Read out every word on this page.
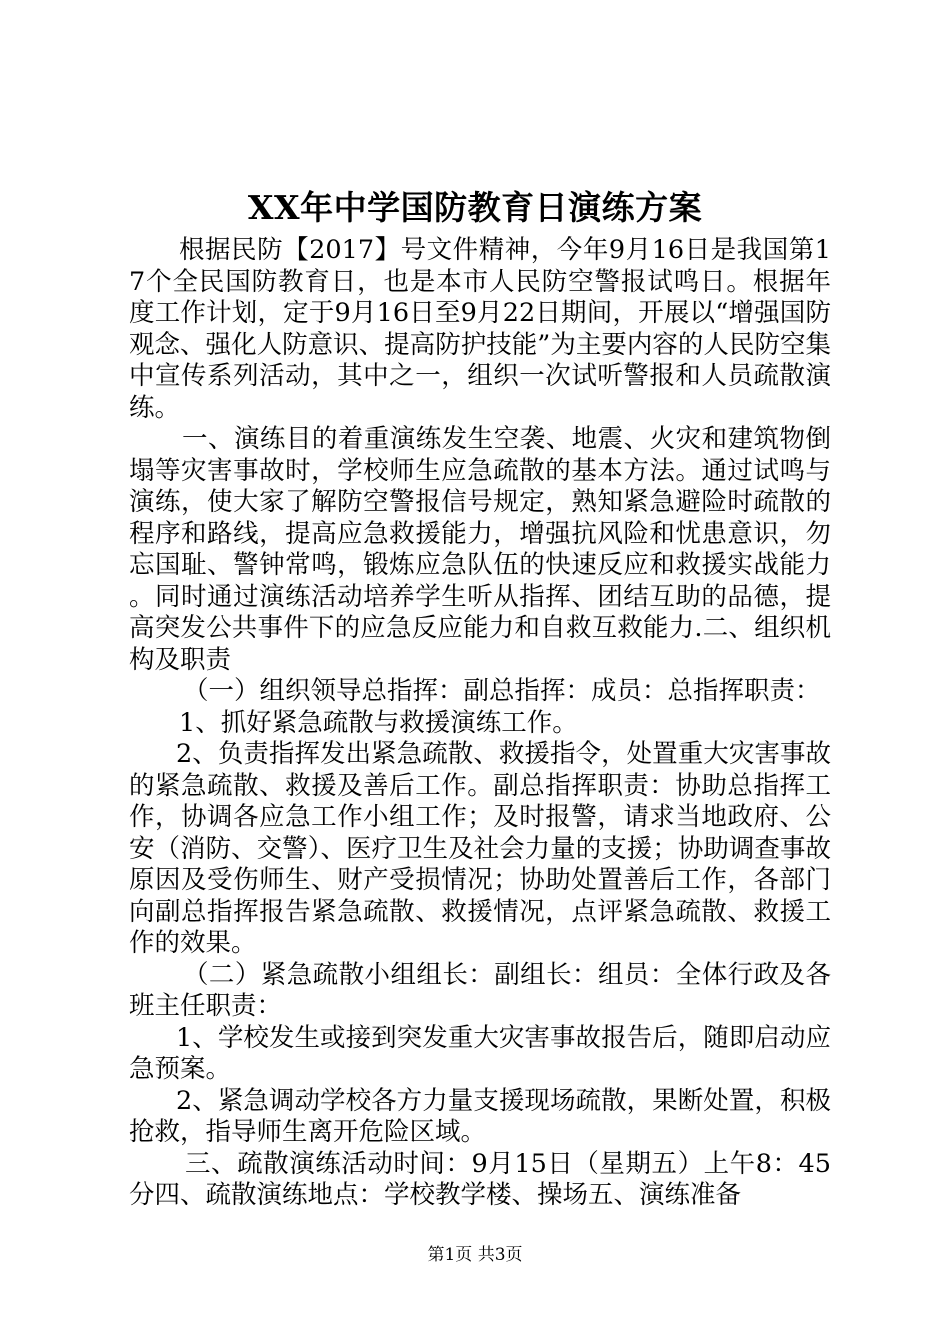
XX年中学国防教育日演练方案

根据民防【2017】号文件精神，今年9月16日是我国第17个全民国防教育日，也是本市人民防空警报试鸣日。根据年度工作计划，定于9月16日至9月22日期间，开展以“增强国防观念、强化人防意识、提高防护技能”为主要内容的人民防空集中宣传系列活动，其中之一，组织一次试听警报和人员疏散演练。

一、演练目的着重演练发生空袭、地震、火灾和建筑物倒塌等灾害事故时，学校师生应急疏散的基本方法。通过试鸣与演练，使大家了解防空警报信号规定，熟知紧急避险时疏散的程序和路线，提高应急救援能力，增强抗风险和忧患意识，勿忘国耻、警钟常鸣，锻炼应急队伍的快速反应和救援实战能力。同时通过演练活动培养学生听从指挥、团结互助的品德，提高突发公共事件下的应急反应能力和自救互救能力.二、组织机构及职责

（一）组织领导总指挥：副总指挥：成员：总指挥职责：

1、抓好紧急疏散与救援演练工作。

2、负责指挥发出紧急疏散、救援指令，处置重大灾害事故的紧急疏散、救援及善后工作。副总指挥职责：协助总指挥工作，协调各应急工作小组工作；及时报警，请求当地政府、公安（消防、交警）、医疗卫生及社会力量的支援；协助调查事故原因及受伤师生、财产受损情况；协助处置善后工作，各部门向副总指挥报告紧急疏散、救援情况，点评紧急疏散、救援工作的效果。

（二）紧急疏散小组组长：副组长：组员：全体行政及各班主任职责：

1、学校发生或接到突发重大灾害事故报告后，随即启动应急预案。

2、紧急调动学校各方力量支援现场疏散，果断处置，积极抢救，指导师生离开危险区域。

三、疏散演练活动时间：9月15日（星期五）上午8：45分四、疏散演练地点：学校教学楼、操场五、演练准备

第1页 共3页
